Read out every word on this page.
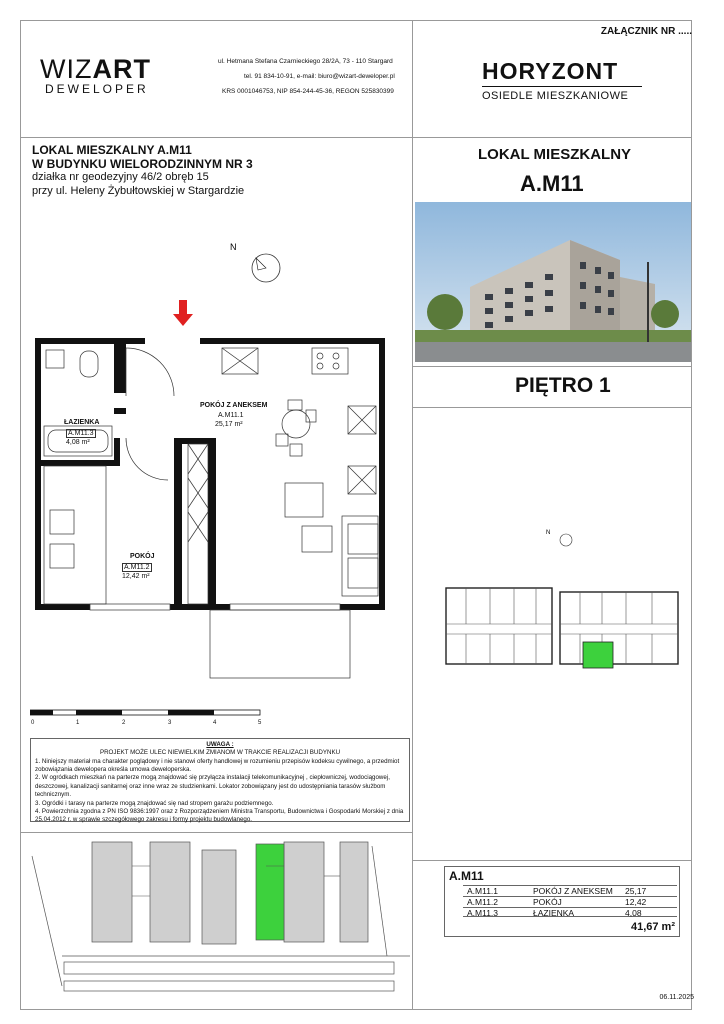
ZAŁĄCZNIK NR .....
WIZART
DEWELOPER
ul. Hetmana Stefana Czarnieckiego 28/2A, 73 - 110 Stargard
tel. 91 834-10-91, e-mail: biuro@wizart-deweloper.pl
KRS 0001046753, NIP 854-244-45-36, REGON 525830399
HORYZONT
OSIEDLE MIESZKANIOWE
LOKAL MIESZKALNY A.M11
W BUDYNKU WIELORODZINNYM NR 3
działka nr geodezyjny 46/2 obręb 15
przy ul. Heleny Żybułtowskiej w Stargardzie
LOKAL MIESZKALNY
A.M11
PIĘTRO 1
N
ŁAZIENKA
A.M11.3
4,08 m²
POKÓJ Z ANEKSEM
A.M11.1
25,17 m²
POKÓJ
A.M11.2
12,42 m²
0	1	2	3	4	5
UWAGA :
PROJEKT MOŻE ULEC NIEWIELKIM ZMIANOM W TRAKCIE REALIZACJI BUDYNKU
1. Niniejszy materiał ma charakter poglądowy i nie stanowi oferty handlowej w rozumieniu przepisów kodeksu cywilnego, a przedmiot zobowiązania dewelopera określa umowa deweloperska.
2. W ogródkach mieszkań na parterze mogą znajdować się przyłącza instalacji telekomunikacyjnej , ciepłowniczej, wodociągowej, deszczowej, kanalizacji sanitarnej oraz inne wraz ze studzienkami. Lokator zobowiązany jest do udostępniania tarasów służbom technicznym.
3. Ogródki i tarasy na parterze mogą znajdować się nad stropem garażu podziemnego.
4. Powierzchnia zgodna z PN ISO 9836:1997 oraz z Rozporządzeniem Ministra Transportu, Budownictwa i Gospodarki Morskiej z dnia 25.04.2012 r. w sprawie szczegółowego zakresu i formy projektu budowlanego.
N
A.M11
A.M11.1	POKÓJ Z ANEKSEM 25,17
A.M11.2	POKÓJ	12,42
A.M11.3	ŁAZIENKA	4,08
41,67 m²
06.11.2025
